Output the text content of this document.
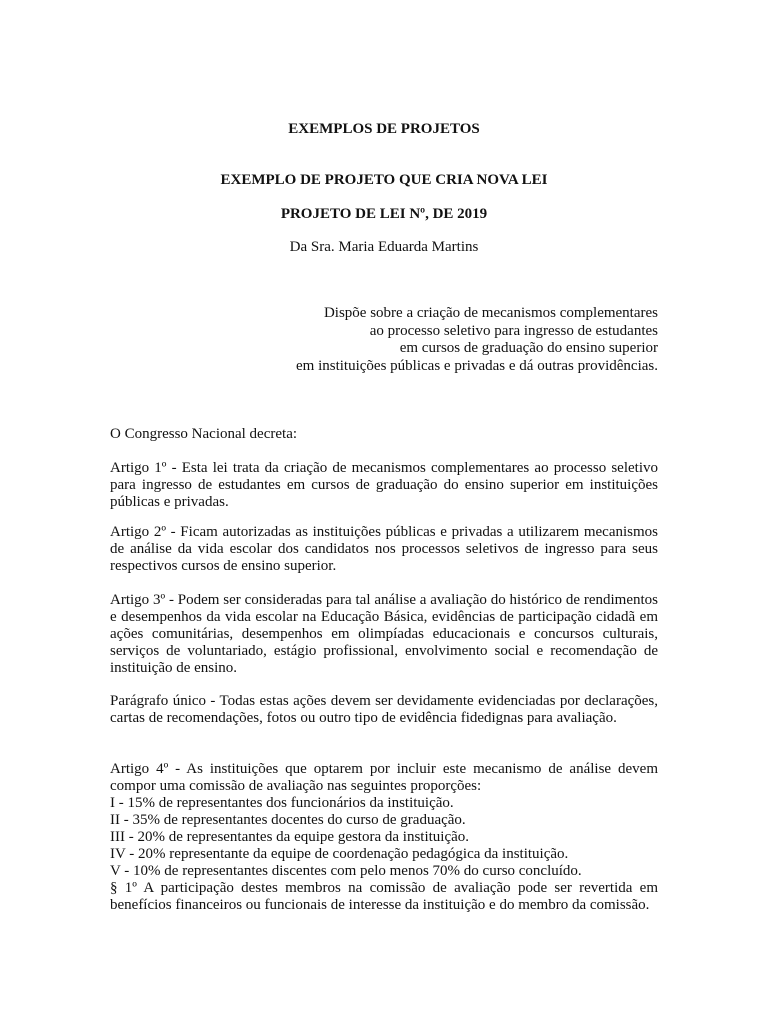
EXEMPLOS DE PROJETOS

EXEMPLO DE PROJETO QUE CRIA NOVA LEI

PROJETO DE LEI Nº, DE 2019

Da Sra. Maria Eduarda Martins

Dispõe sobre a criação de mecanismos complementares
ao processo seletivo para ingresso de estudantes
em cursos de graduação do ensino superior
em instituições públicas e privadas e dá outras providências.

O Congresso Nacional decreta:

Artigo 1º - Esta lei trata da criação de mecanismos complementares ao processo seletivo para ingresso de estudantes em cursos de graduação do ensino superior em instituições públicas e privadas.

Artigo 2º - Ficam autorizadas as instituições públicas e privadas a utilizarem mecanismos de análise da vida escolar dos candidatos nos processos seletivos de ingresso para seus respectivos cursos de ensino superior.

Artigo 3º - Podem ser consideradas para tal análise a avaliação do histórico de rendimentos e desempenhos da vida escolar na Educação Básica, evidências de participação cidadã em ações comunitárias, desempenhos em olimpíadas educacionais e concursos culturais, serviços de voluntariado, estágio profissional, envolvimento social e recomendação de instituição de ensino.

Parágrafo único - Todas estas ações devem ser devidamente evidenciadas por declarações, cartas de recomendações, fotos ou outro tipo de evidência fidedignas para avaliação.

Artigo 4º - As instituições que optarem por incluir este mecanismo de análise devem compor uma comissão de avaliação nas seguintes proporções:

I - 15% de representantes dos funcionários da instituição.
II - 35% de representantes docentes do curso de graduação.
III - 20% de representantes da equipe gestora da instituição.
IV - 20% representante da equipe de coordenação pedagógica da instituição.
V - 10% de representantes discentes com pelo menos 70% do curso concluído.

§ 1º A participação destes membros na comissão de avaliação pode ser revertida em benefícios financeiros ou funcionais de interesse da instituição e do membro da comissão.
